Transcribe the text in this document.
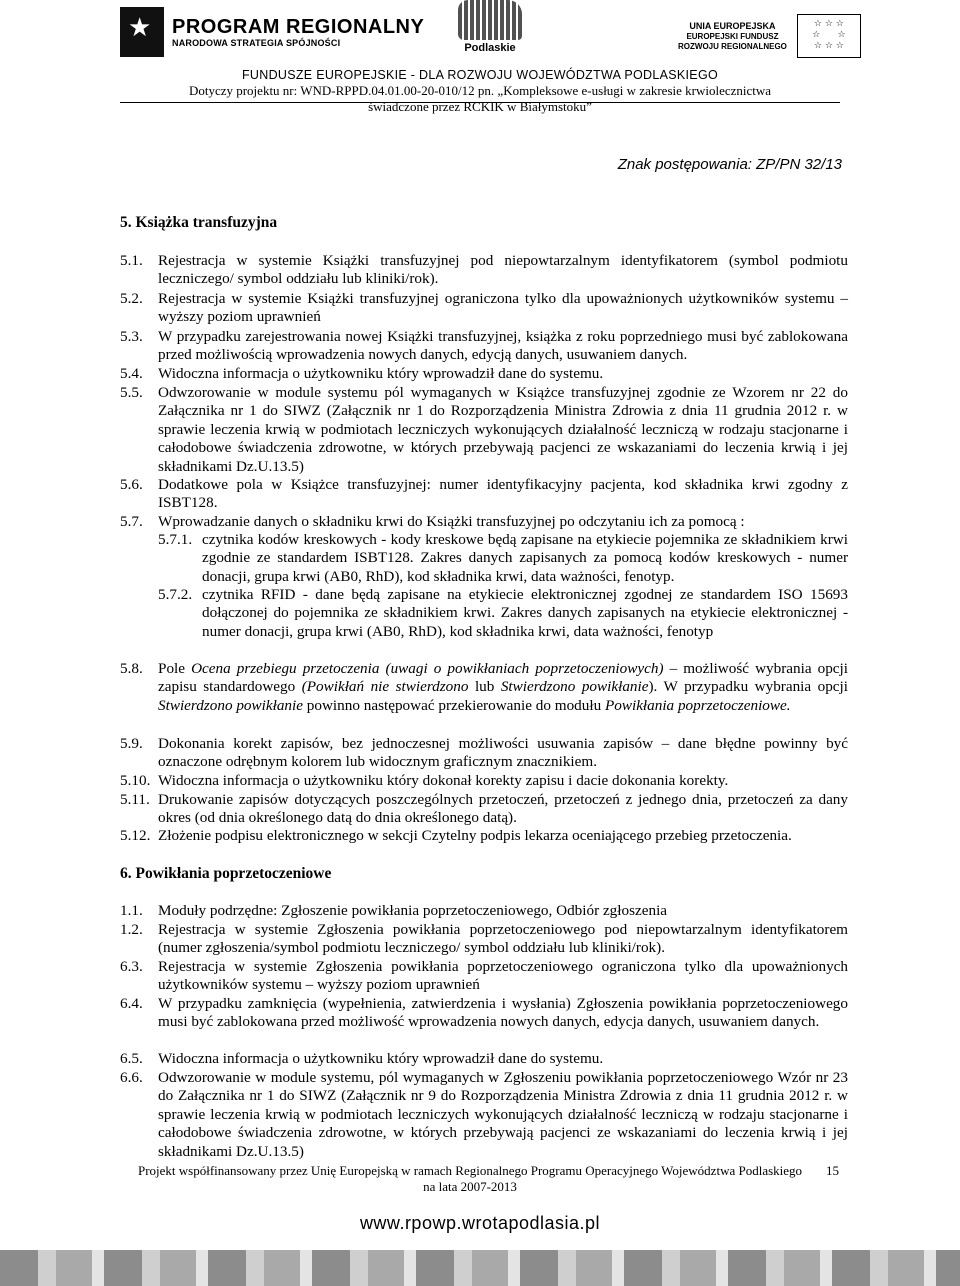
★ PROGRAM REGIONALNY
NARODOWA STRATEGIA SPÓJNOŚCI	Podlaskie
UNIA EUROPEJSKA
EUROPEJSKI FUNDUSZ
ROZWOJU REGIONALNEGO
☆ ☆ ☆
☆      ☆
☆ ☆ ☆
FUNDUSZE EUROPEJSKIE - DLA ROZWOJU WOJEWÓDZTWA PODLASKIEGO
Dotyczy projektu nr: WND-RPPD.04.01.00-20-010/12 pn. „Kompleksowe e-usługi w zakresie krwiolecznictwa
świadczone przez RCKIK w Białymstoku”
Znak postępowania: ZP/PN 32/13
5. Książka transfuzyjna
5.1. Rejestracja w systemie Książki transfuzyjnej pod niepowtarzalnym identyfikatorem (symbol podmiotu leczniczego/ symbol oddziału lub kliniki/rok).
5.2. Rejestracja w systemie Książki transfuzyjnej ograniczona tylko dla upoważnionych użytkowników systemu – wyższy poziom uprawnień
5.3. W przypadku zarejestrowania nowej Książki transfuzyjnej, książka z roku poprzedniego musi być zablokowana przed możliwością wprowadzenia nowych danych, edycją danych, usuwaniem danych.
5.4. Widoczna informacja o użytkowniku który wprowadził dane do systemu.
5.5. Odwzorowanie w module systemu pól wymaganych w Książce transfuzyjnej zgodnie ze Wzorem nr 22 do Załącznika nr 1 do SIWZ (Załącznik nr 1 do Rozporządzenia Ministra Zdrowia z dnia 11 grudnia 2012 r. w sprawie leczenia krwią w podmiotach leczniczych wykonujących działalność leczniczą w rodzaju stacjonarne i całodobowe świadczenia zdrowotne, w których przebywają pacjenci ze wskazaniami do leczenia krwią i jej składnikami Dz.U.13.5)
5.6. Dodatkowe pola w Książce transfuzyjnej: numer identyfikacyjny pacjenta, kod składnika krwi zgodny z ISBT128.
5.7. Wprowadzanie danych o składniku krwi do Książki transfuzyjnej po odczytaniu ich za pomocą :
5.7.1. czytnika kodów kreskowych - kody kreskowe będą zapisane na etykiecie pojemnika ze składnikiem krwi zgodnie ze standardem ISBT128. Zakres danych zapisanych za pomocą kodów kreskowych - numer donacji, grupa krwi (AB0, RhD), kod składnika krwi, data ważności, fenotyp.
5.7.2. czytnika RFID - dane będą zapisane na etykiecie elektronicznej zgodnej ze standardem ISO 15693 dołączonej do pojemnika ze składnikiem krwi. Zakres danych zapisanych na etykiecie elektronicznej - numer donacji, grupa krwi (AB0, RhD), kod składnika krwi, data ważności, fenotyp
5.8. Pole Ocena przebiegu przetoczenia (uwagi o powikłaniach poprzetoczeniowych) – możliwość wybrania opcji zapisu standardowego (Powikłań nie stwierdzono lub Stwierdzono powikłanie). W przypadku wybrania opcji Stwierdzono powikłanie powinno następować przekierowanie do modułu Powikłania poprzetoczeniowe.
5.9. Dokonania korekt zapisów, bez jednoczesnej możliwości usuwania zapisów – dane błędne powinny być oznaczone odrębnym kolorem lub widocznym graficznym znacznikiem.
5.10. Widoczna informacja o użytkowniku który dokonał korekty zapisu i dacie dokonania korekty.
5.11. Drukowanie zapisów dotyczących poszczególnych przetoczeń, przetoczeń z jednego dnia, przetoczeń za dany okres (od dnia określonego datą do dnia określonego datą).
5.12. Złożenie podpisu elektronicznego w sekcji Czytelny podpis lekarza oceniającego przebieg przetoczenia.
6. Powikłania poprzetoczeniowe
1.1. Moduły podrzędne: Zgłoszenie powikłania poprzetoczeniowego, Odbiór zgłoszenia
1.2. Rejestracja w systemie Zgłoszenia powikłania poprzetoczeniowego pod niepowtarzalnym identyfikatorem (numer zgłoszenia/symbol podmiotu leczniczego/ symbol oddziału lub kliniki/rok).
6.3. Rejestracja w systemie Zgłoszenia powikłania poprzetoczeniowego ograniczona tylko dla upoważnionych użytkowników systemu – wyższy poziom uprawnień
6.4. W przypadku zamknięcia (wypełnienia, zatwierdzenia i wysłania) Zgłoszenia powikłania poprzetoczeniowego musi być zablokowana przed możliwość wprowadzenia nowych danych, edycja danych, usuwaniem danych.
6.5. Widoczna informacja o użytkowniku który wprowadził dane do systemu.
6.6. Odwzorowanie w module systemu, pól wymaganych w Zgłoszeniu powikłania poprzetoczeniowego Wzór nr 23 do Załącznika nr 1 do SIWZ (Załącznik nr 9 do Rozporządzenia Ministra Zdrowia z dnia 11 grudnia 2012 r. w sprawie leczenia krwią w podmiotach leczniczych wykonujących działalność leczniczą w rodzaju stacjonarne i całodobowe świadczenia zdrowotne, w których przebywają pacjenci ze wskazaniami do leczenia krwią i jej składnikami Dz.U.13.5)
Projekt współfinansowany przez Unię Europejską w ramach Regionalnego Programu Operacyjnego Województwa Podlaskiego
na lata 2007-2013
15
www.rpowp.wrotapodlasia.pl
